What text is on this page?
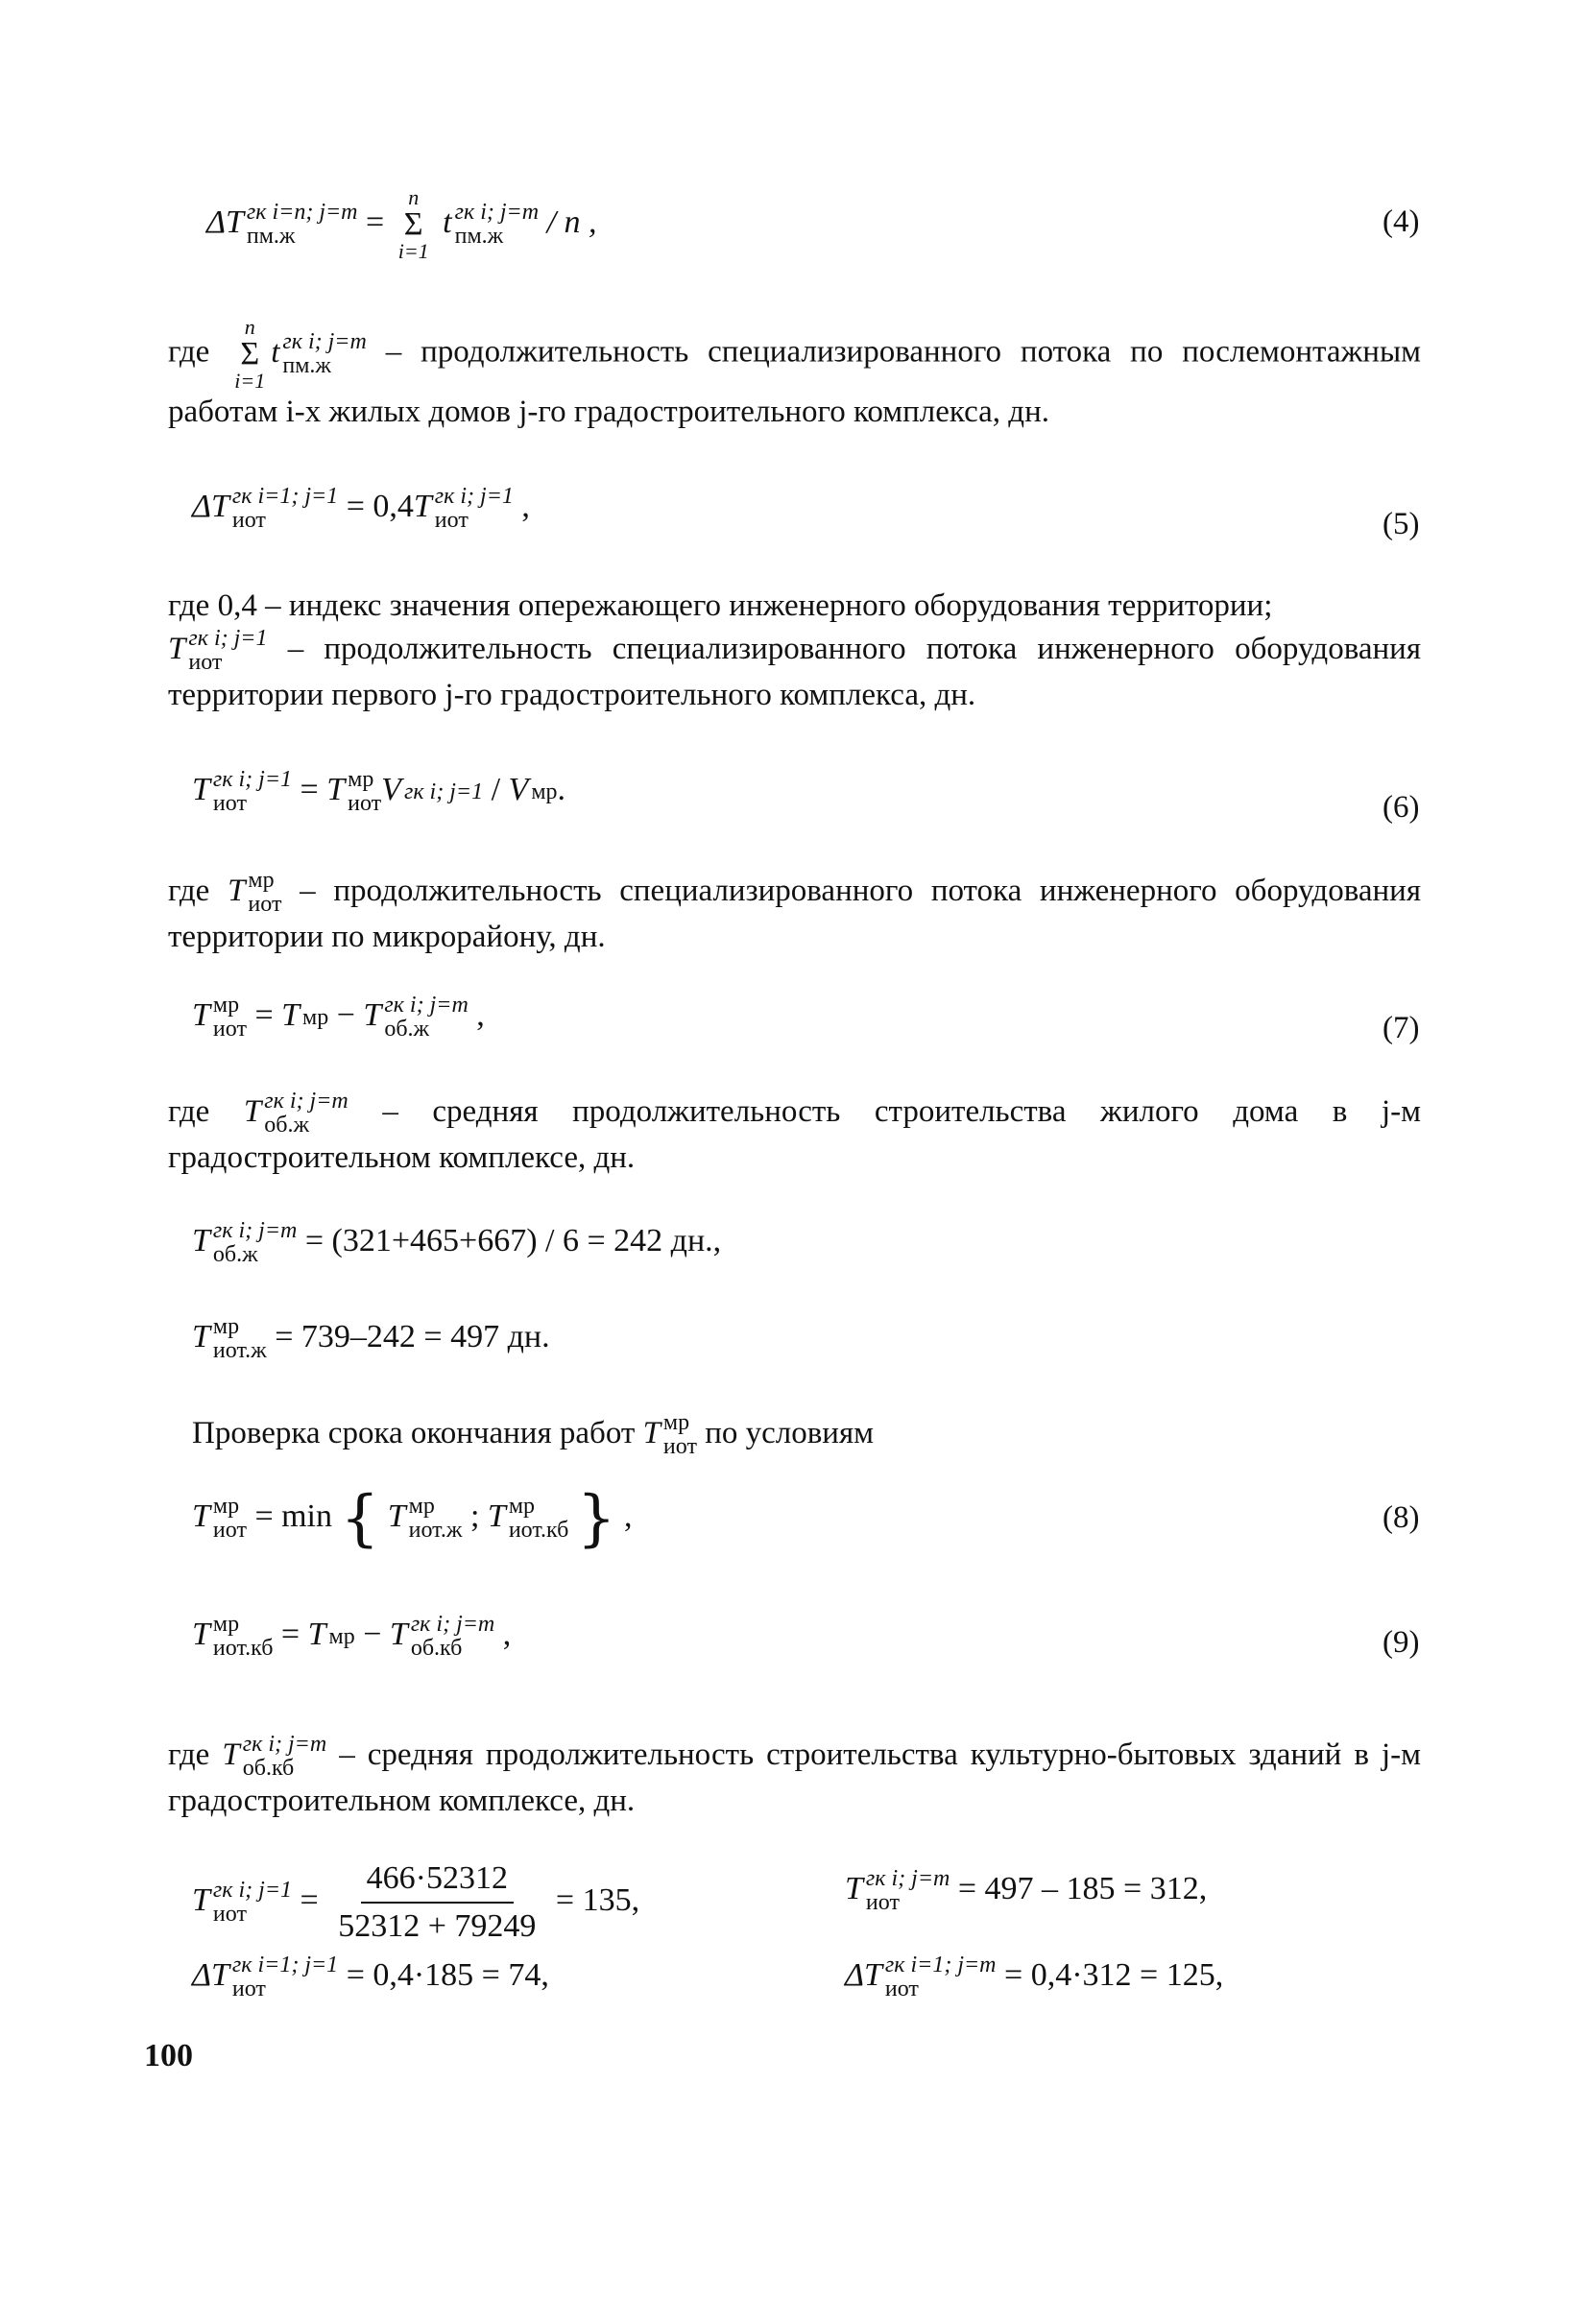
ΔT гк i=n; j=m
пм.ж	=
n
Σ
i=1
t гк i; j=m
пм.ж	/ n ,	(4)
где
n
Σ
i=1
t гк i; j=m
пм.ж	– продолжительность специализированного потока по послемонтажным работам i-х жилых домов j-го градостроительного комплекса, дн.
ΔT гк i=1; j=1
иот	= 0,4T гк i; j=1
иот	,
(5)
где 0,4 – индекс значения опережающего инженерного оборудования территории;
T гк i; j=1
иот	– продолжительность специализированного потока инженерного оборудования территории первого j-го градостроительного комплекса, дн.
T гк i; j=1
иот	= T мр
иот V гк i; j=1 / V мр .
(6)
где T мр
иот – продолжительность специализированного потока инженерного оборудования территории по микрорайону, дн.
T мр
иот = T мр − T гк i; j=m
об.ж	,	(7)
где T гк i; j=m
об.ж	– средняя продолжительность строительства жилого дома в j-м градостроительном комплексе, дн.
T гк i; j=m
об.ж	= (321+465+667) / 6 = 242 дн.,
T мр
иот.ж = 739–242 = 497 дн.
Проверка срока окончания работ T мр
иот по условиям
T мр
иот = min { T мр
иот.ж ; T мр
иот.кб } ,	(8)
T мр
иот.кб = T мр − T гк i; j=m
об.кб	,	(9)
где T гк i; j=m
об.кб	– средняя продолжительность строительства культурно-бытовых зданий в j-м градостроительном комплексе, дн.
T гк i; j=1
иот	= $\frac{466\cdot 52312}{52312 + 79249} = 135$,	T гк i; j=m
иот	= 497 – 185 = 312,
ΔT гк i=1; j=1
иот	= 0,4·185 = 74,	ΔT гк i=1; j=m
иот	= 0,4·312 = 125,
100
